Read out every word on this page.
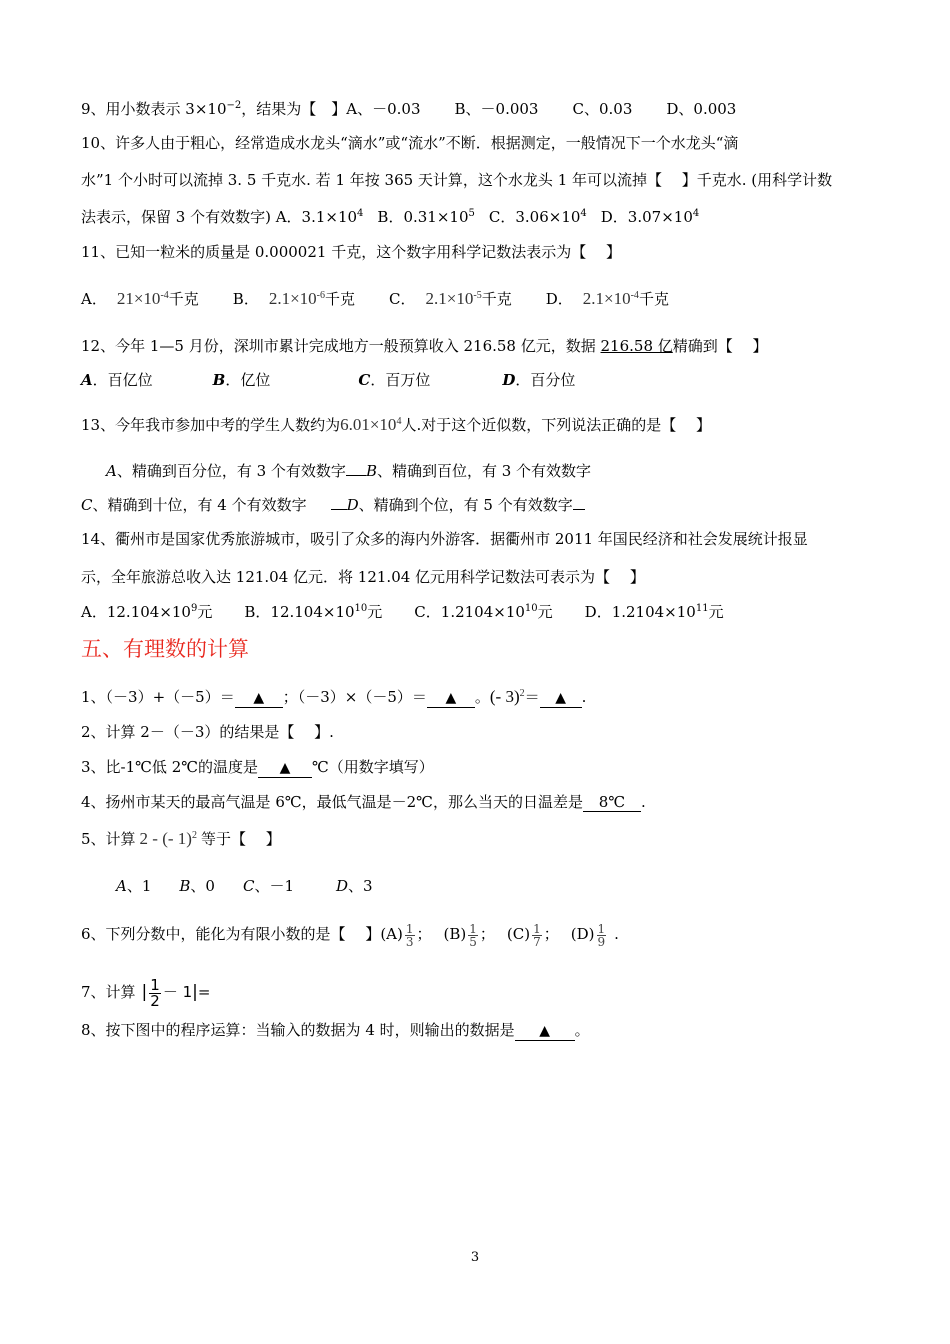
9、用小数表示 $3\times 10^{-2}$，结果为【　】A、－0.03 B、－0.003 C、0.03 D、0.003
10、许多人由于粗心，经常造成水龙头“滴水”或“流水”不断．根据测定，一般情况下一个水龙头“滴
水”1 个小时可以流掉 3. 5 千克水. 若 1 年按 365 天计算，这个水龙头 1 年可以流掉【　 】千克水. (用科学计数
法表示，保留 3 个有效数字) A．$3.1\times 10^4$ B．$0.31\times 10^5$ C．$3.06\times 10^4$ D．$3.07\times 10^4$
11、已知一粒米的质量是 0.000021 千克，这个数字用科学记数法表示为【　 】
A． $21\times 10^{-4}$千克 B． $2.1\times 10^{-6}$千克 C． $2.1\times 10^{-5}$千克 D． $2.1\times 10^{-4}$千克
12、今年 1—5 月份，深圳市累计完成地方一般预算收入 216.58 亿元，数据 216.58 亿精确到【　 】
A．百亿位	B．亿位	C．百万位	D．百分位
13、今年我市参加中考的学生人数约为$6.01\times 10^4$人.对于这个近似数，下列说法正确的是【　 】
A、精确到百分位，有 3 个有效数字 B、精确到百位，有 3 个有效数字
C、精确到十位，有 4 个有效数字	D、精确到个位，有 5 个有效数字
14、衢州市是国家优秀旅游城市，吸引了众多的海内外游客．据衢州市 2011 年国民经济和社会发展统计报显
示，全年旅游总收入达 121.04 亿元．将 121.04 亿元用科学记数法可表示为【　 】
A．$12.104\times 10^9$元 B．$12.104\times 10^{10}$元 C．$1.2104\times 10^{10}$元 D．$1.2104\times 10^{11}$元
五、有理数的计算
1、（－3）+（－5）＝ ▲ ；（－3）×（－5）＝ ▲ 。(- 3)$^2$＝ ▲ .
2、计算 2－（－3）的结果是【　 】.
3、比-1℃低 2℃的温度是 ▲ ℃（用数字填写）
4、扬州市某天的最高气温是 6℃，最低气温是－2℃，那么当天的日温差是 8℃ .
5、计算 2 - (- 1)$^2$ 等于【　 】
A、1 B、0 C、－1	D、3
6、下列分数中，能化为有限小数的是【　 】$(A) \frac{1}{3}$ ； $(B) \frac{1}{5}$ ； $(C) \frac{1}{7}$ ； $(D) \frac{1}{9}$ .
7、计算 | $\frac{1}{2} - 1|=$
8、按下图中的程序运算：当输入的数据为 4 时，则输出的数据是 ▲ 。
3
